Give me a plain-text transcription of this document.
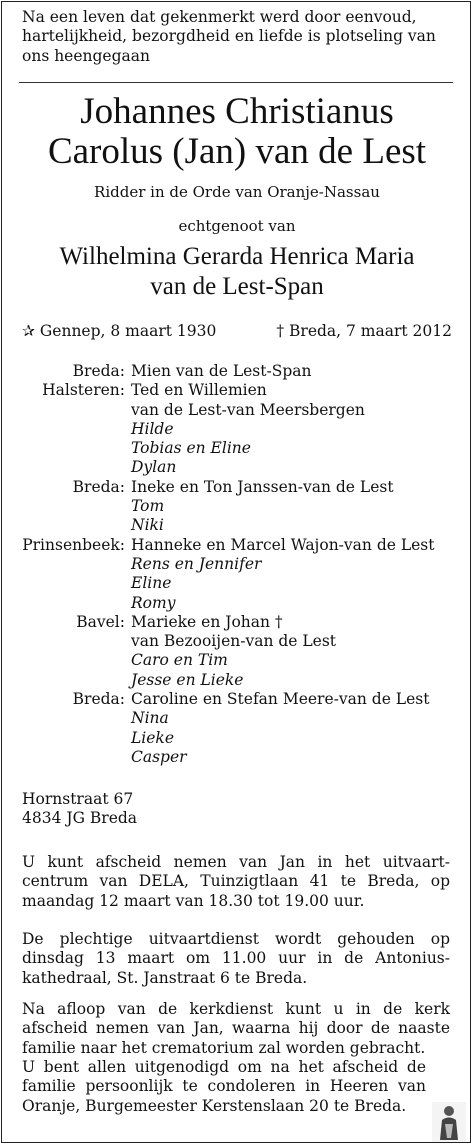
Na een leven dat gekenmerkt werd door eenvoud,
hartelijkheid, bezorgdheid en liefde is plotseling van
ons heengegaan
Johannes Christianus
Carolus (Jan) van de Lest
Ridder in de Orde van Oranje-Nassau
echtgenoot van
Wilhelmina Gerarda Henrica Maria
van de Lest-Span
✰ Gennep, 8 maart 1930	† Breda, 7 maart 2012
Breda: Mien van de Lest-Span
Halsteren: Ted en Willemien
van de Lest-van Meersbergen
Hilde
Tobias en Eline
Dylan
Breda: Ineke en Ton Janssen-van de Lest
Tom
Niki
Prinsenbeek: Hanneke en Marcel Wajon-van de Lest
Rens en Jennifer
Eline
Romy
Bavel: Marieke en Johan †
van Bezooijen-van de Lest
Caro en Tim
Jesse en Lieke
Breda: Caroline en Stefan Meere-van de Lest
Nina
Lieke
Casper
Hornstraat 67
4834 JG Breda

U kunt afscheid nemen van Jan in het uitvaart-centrum van DELA, Tuinzigtlaan 41 te Breda, op maandag 12 maart van 18.30 tot 19.00 uur.

De plechtige uitvaartdienst wordt gehouden op dinsdag 13 maart om 11.00 uur in de Antonius-kathedraal, St. Janstraat 6 te Breda.

Na afloop van de kerkdienst kunt u in de kerk afscheid nemen van Jan, waarna hij door de naaste familie naar het crematorium zal worden gebracht.

U bent allen uitgenodigd om na het afscheid de familie persoonlijk te condoleren in Heeren van Oranje, Burgemeester Kerstenslaan 20 te Breda.
